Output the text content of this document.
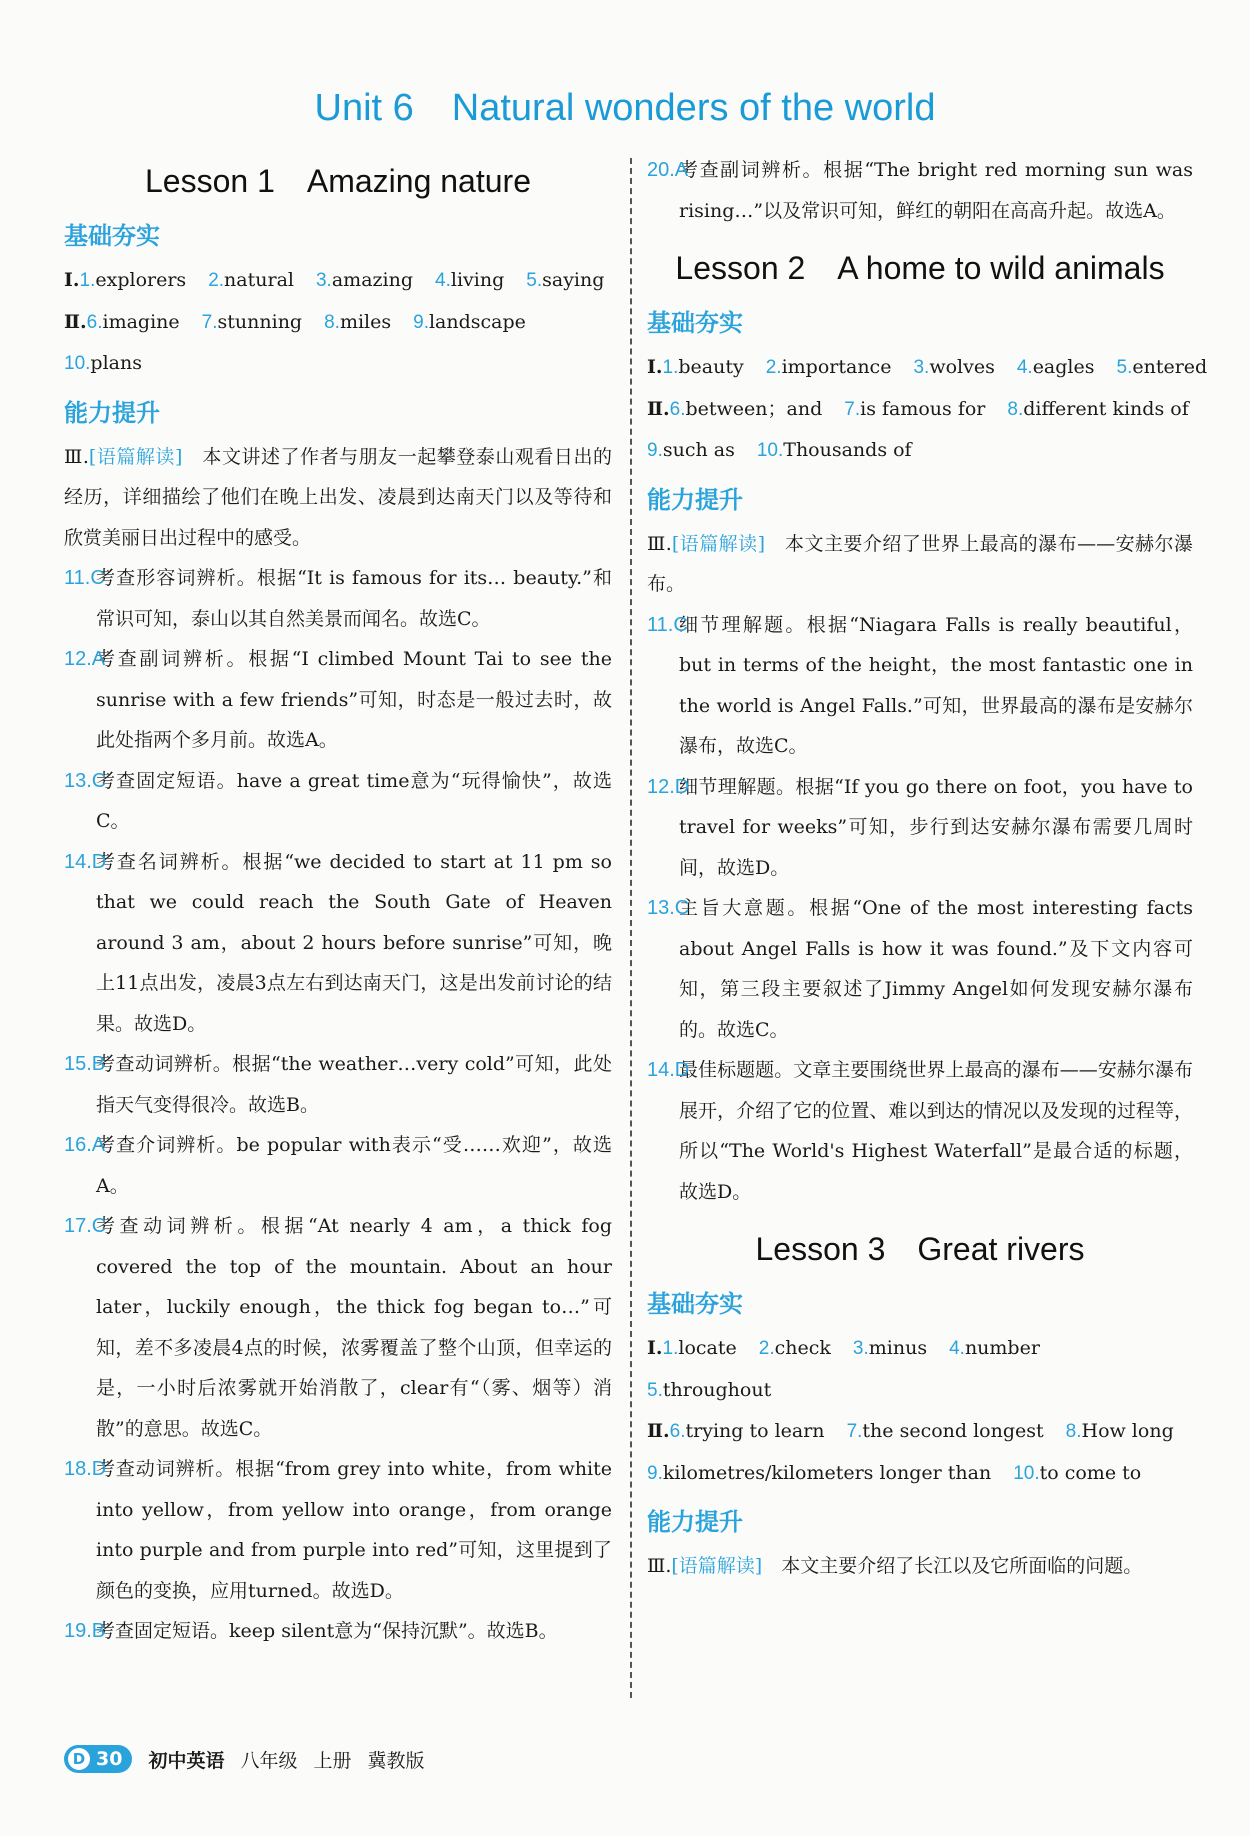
Unit 6　Natural wonders of the world
Lesson 1　Amazing nature
基础夯实
Ⅰ.1.explorers 2.natural 3.amazing 4.living 5.saying
Ⅱ.6.imagine 7.stunning 8.miles 9.landscape
10.plans
能力提升
Ⅲ.[语篇解读]　 本文讲述了作者与朋友一起攀登泰山观看日出的经历，详细描绘了他们在晚上出发、凌晨到达南天门以及等待和欣赏美丽日出过程中的感受。
11.C
考查形容词辨析。根据“It is famous for its… beauty.”和常识可知，泰山以其自然美景而闻名。故选C。
12.A
考查副词辨析。根据“I climbed Mount Tai to see the sunrise with a few friends”可知，时态是一般过去时，故此处指两个多月前。故选A。
13.C
考查固定短语。have a great time意为“玩得愉快”，故选C。
14.D
考查名词辨析。根据“we decided to start at 11 pm so that we could reach the South Gate of Heaven around 3 am，about 2 hours before sunrise”可知，晚上11点出发，凌晨3点左右到达南天门，这是出发前讨论的结果。故选D。
15.B
考查动词辨析。根据“the weather…very cold”可知，此处指天气变得很冷。故选B。
16.A
考查介词辨析。be popular with表示“受……欢迎”，故选A。
17.C
考查动词辨析。根据“At nearly 4 am，a thick fog covered the top of the mountain. About an hour later，luckily enough，the thick fog began to…”可知，差不多凌晨4点的时候，浓雾覆盖了整个山顶，但幸运的是，一小时后浓雾就开始消散了，clear有“（雾、烟等）消散”的意思。故选C。
18.D
考查动词辨析。根据“from grey into white，from white into yellow，from yellow into orange，from orange into purple and from purple into red”可知，这里提到了颜色的变换，应用turned。故选D。
19.B
考查固定短语。keep silent意为“保持沉默”。故选B。
20.A
考查副词辨析。根据“The bright red morning sun was rising…”以及常识可知，鲜红的朝阳在高高升起。故选A。
Lesson 2　A home to wild animals
基础夯实
Ⅰ.1.beauty 2.importance 3.wolves 4.eagles 5.entered
Ⅱ.6.between；and 7.is famous for 8.different kinds of
9.such as 10.Thousands of
能力提升
Ⅲ.[语篇解读]　 本文主要介绍了世界上最高的瀑布——安赫尔瀑布。
11.C
细节理解题。根据“Niagara Falls is really beautiful，but in terms of the height，the most fantastic one in the world is Angel Falls.”可知，世界最高的瀑布是安赫尔瀑布，故选C。
12.D
细节理解题。根据“If you go there on foot，you have to travel for weeks”可知，步行到达安赫尔瀑布需要几周时间，故选D。
13.C
主旨大意题。根据“One of the most interesting facts about Angel Falls is how it was found.”及下文内容可知，第三段主要叙述了Jimmy Angel如何发现安赫尔瀑布的。故选C。
14.D
最佳标题题。文章主要围绕世界上最高的瀑布——安赫尔瀑布展开，介绍了它的位置、难以到达的情况以及发现的过程等，所以“The World's Highest Waterfall”是最合适的标题，故选D。
Lesson 3　Great rivers
基础夯实
Ⅰ.1.locate 2.check 3.minus 4.number
5.throughout
Ⅱ.6.trying to learn 7.the second longest 8.How long
9.kilometres/kilometers longer than 10.to come to
能力提升
Ⅲ.[语篇解读]　 本文主要介绍了长江以及它所面临的问题。
D 30 初中英语 八年级 上册 冀教版
